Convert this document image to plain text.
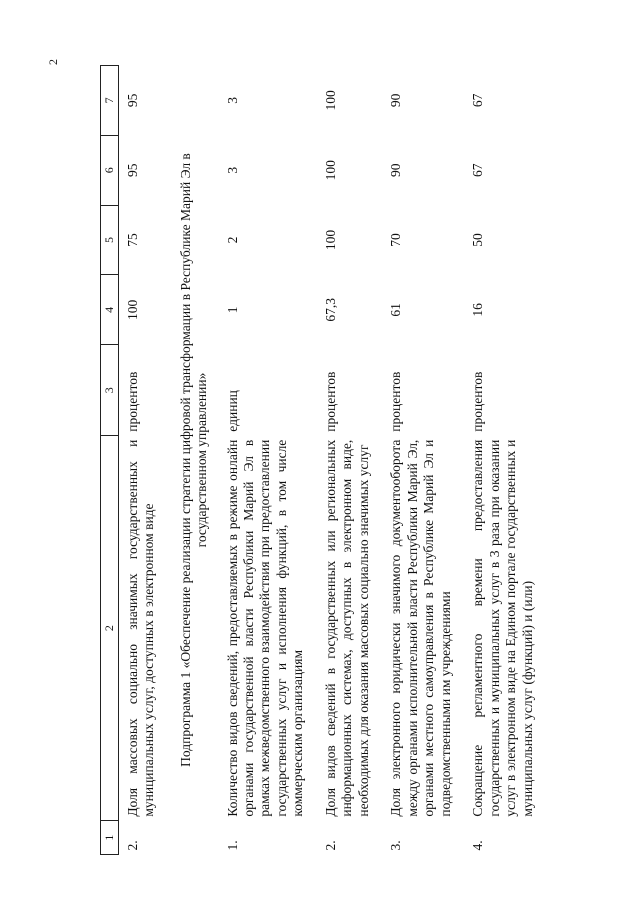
2
1	2	3	4	5	6	7
2.	Доля массовых социально значимых государственных и муниципальных услуг, доступных в электронном виде	процентов	100	75	95	95
Подпрограмма 1 «Обеспечение реализации стратегии цифровой трансформации в Республике Марий Эл в государственном управлении»						
1.	Количество видов сведений, предоставляемых в режиме онлайн органами государственной власти Республики Марий Эл в рамках межведомственного взаимодействия при предоставлении государственных услуг и исполнения функций, в том числе коммерческим организациям	единиц	1	2	3	3
2.	Доля видов сведений в государственных или региональных информационных системах, доступных в электронном виде, необходимых для оказания массовых социально значимых услуг	процентов	67,3	100	100	100
3.	Доля электронного юридически значимого документооборота между органами исполнительной власти Республики Марий Эл, органами местного самоуправления в Республике Марий Эл и подведомственными им учреждениями	процентов	61	70	90	90
4.	Сокращение регламентного времени предоставления государственных и муниципальных услуг в 3 раза при оказании услуг в электронном виде на Едином портале государственных и муниципальных услуг (функций) и (или)	процентов	16	50	67	67
